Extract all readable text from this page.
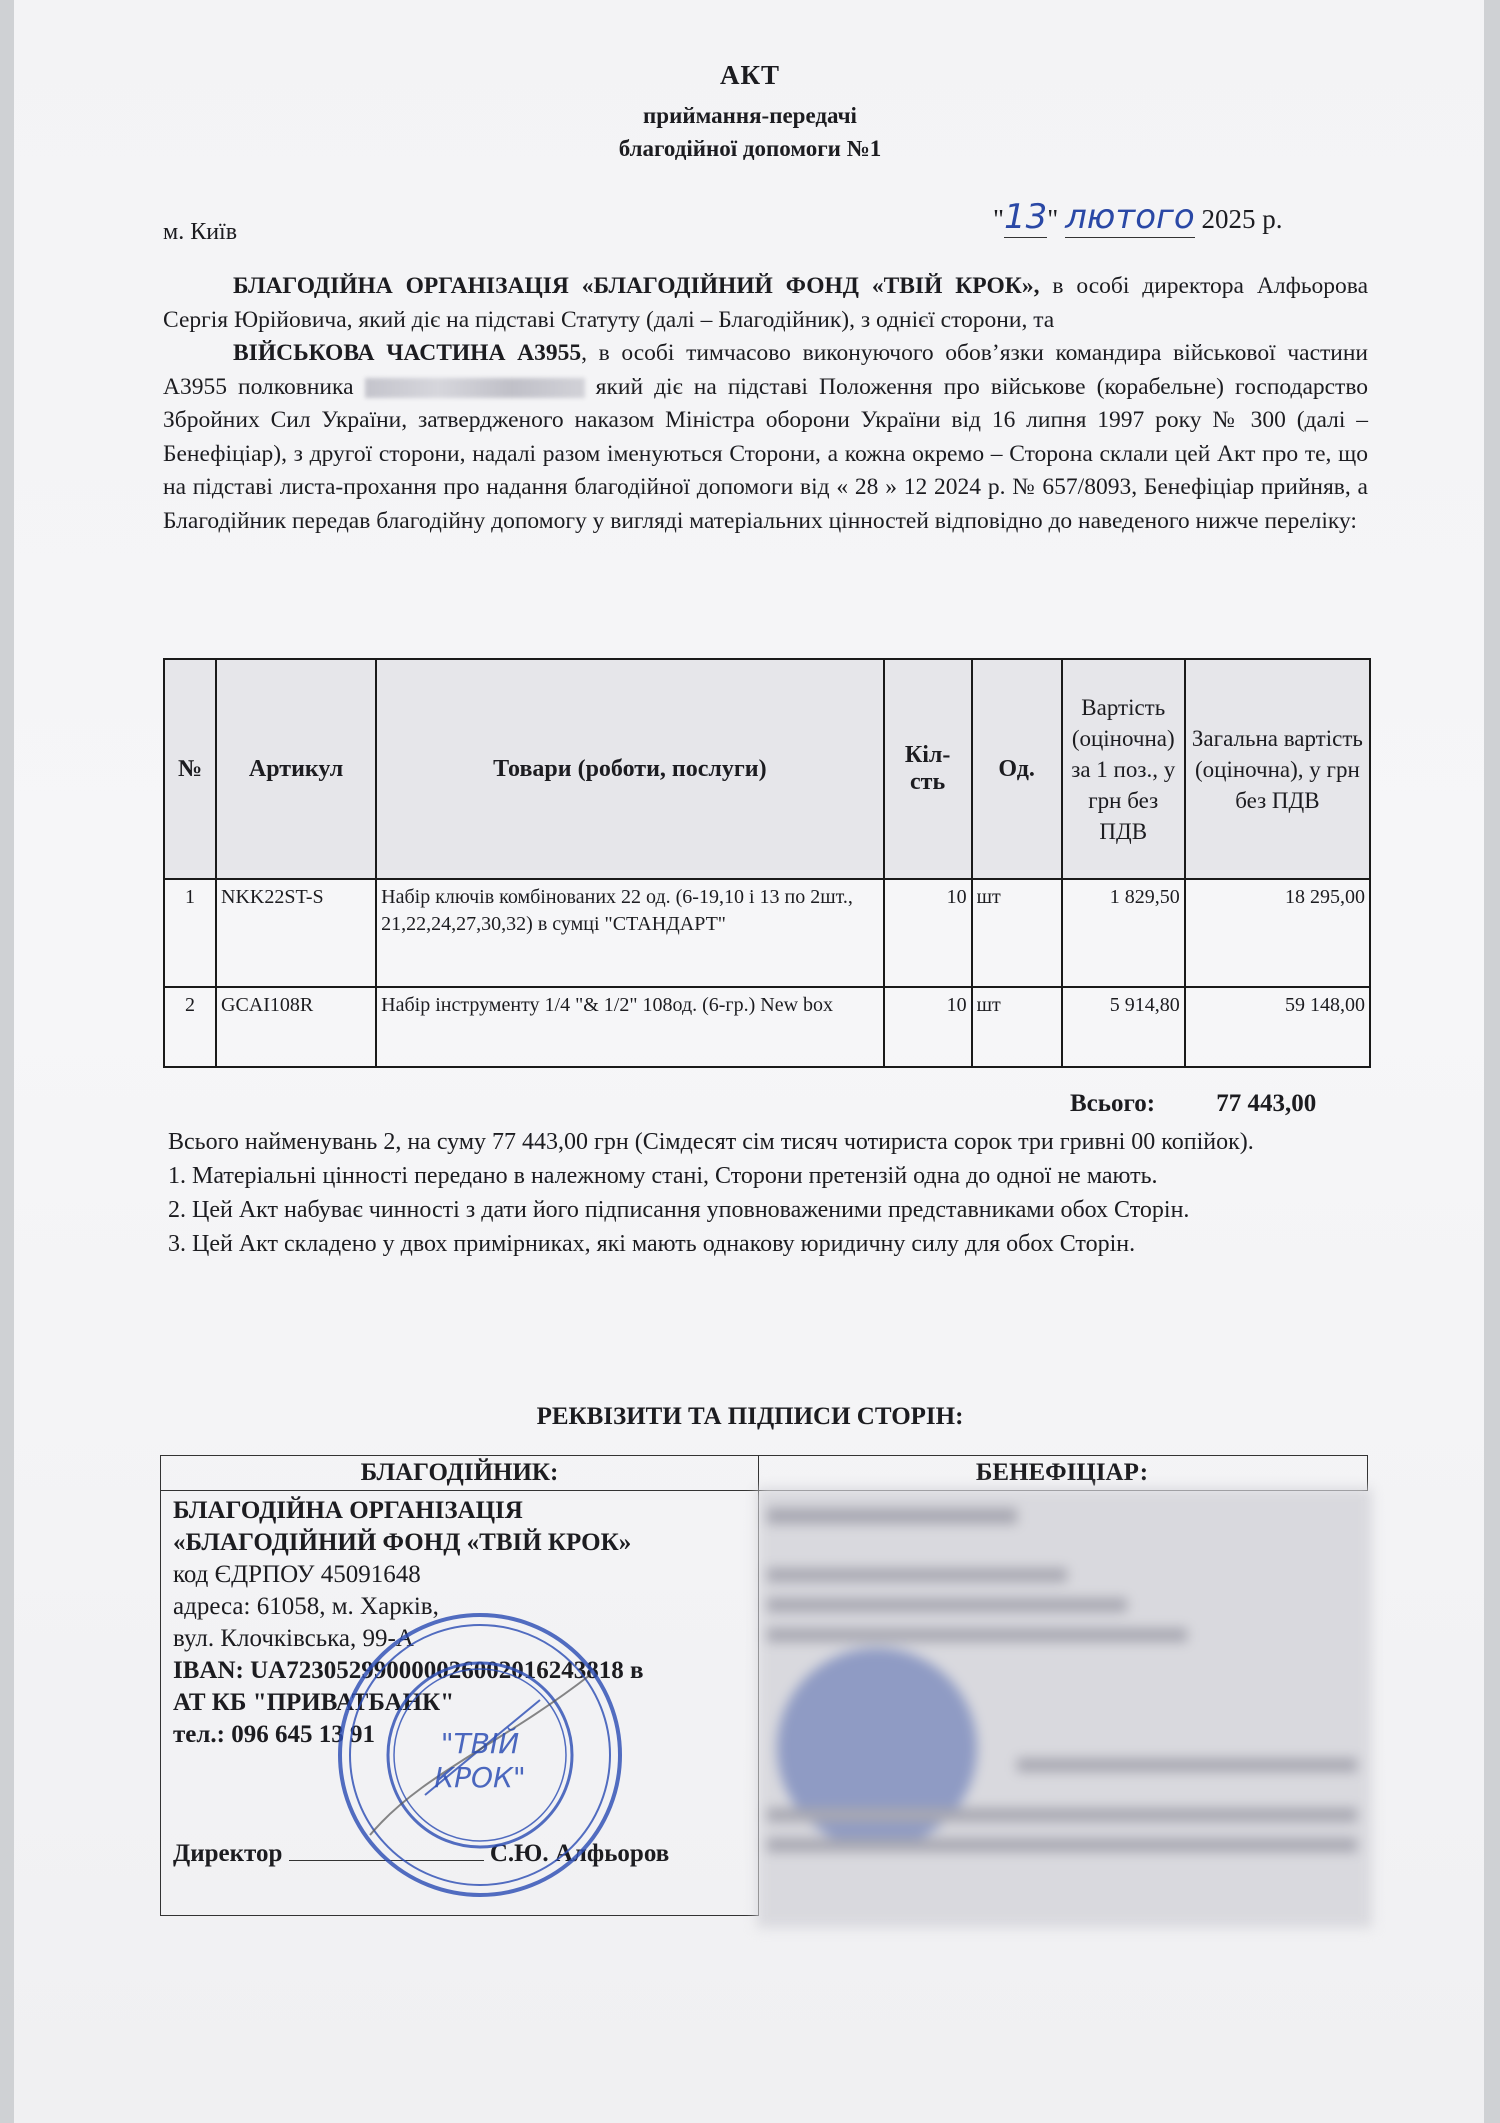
АКТ
приймання-передачі
благодійної допомоги №1
м. Київ	"13" лютого 2025 р.

БЛАГОДІЙНА ОРГАНІЗАЦІЯ «БЛАГОДІЙНИЙ ФОНД «ТВІЙ КРОК», в особі директора Алфьорова Сергія Юрійовича, який діє на підставі Статуту (далі – Благодійник), з однієї сторони, та

ВІЙСЬКОВА ЧАСТИНА А3955, в особі тимчасово виконуючого обов’язки командира військової частини А3955 полковника	який діє на підставі Положення про військове (корабельне) господарство Збройних Сил України, затвердженого наказом Міністра оборони України від 16 липня 1997 року № 300 (далі – Бенефіціар), з другої сторони, надалі разом іменуються Сторони, а кожна окремо – Сторона склали цей Акт про те, що на підставі листа-прохання про надання благодійної допомоги від « 28 » 12 2024 р. № 657/8093, Бенефіціар прийняв, а Благодійник передав благодійну допомогу у вигляді матеріальних цінностей відповідно до наведеного нижче переліку:

№	Артикул	Товари (роботи, послуги)	Кіл-сть	Од.	Вартість (оціночна) за 1 поз., у грн без ПДВ	Загальна вартість (оціночна), у грн без ПДВ
1	NKK22ST-S	Набір ключів комбінованих 22 од. (6-19,10 і 13 по 2шт., 21,22,24,27,30,32) в сумці "СТАНДАРТ"	10	шт	1 829,50	18 295,00
2	GCAI108R	Набір інструменту 1/4 "& 1/2" 108од. (6-гр.) New box	10	шт	5 914,80	59 148,00
Всього: 77 443,00

Всього найменувань 2, на суму 77 443,00 грн (Сімдесят сім тисяч чотириста сорок три гривні 00 копійок).

1. Матеріальні цінності передано в належному стані, Сторони претензій одна до одної не мають.

2. Цей Акт набуває чинності з дати його підписання уповноваженими представниками обох Сторін.

3. Цей Акт складено у двох примірниках, які мають однакову юридичну силу для обох Сторін.

РЕКВІЗИТИ ТА ПІДПИСИ СТОРІН:
БЛАГОДІЙНИК:	БЕНЕФІЦІАР:
БЛАГОДІЙНА ОРГАНІЗАЦІЯ
«БЛАГОДІЙНИЙ ФОНД «ТВІЙ КРОК»
код ЄДРПОУ 45091648
адреса: 61058, м. Харків,
вул. Клочківська, 99-А
IBAN: UA723052990000026002016243818 в
АТ КБ "ПРИВАТБАНК"
тел.: 096 645 13 91
Директор	С.Ю. Алфьоров
"ТВІЙ
КРОК"
